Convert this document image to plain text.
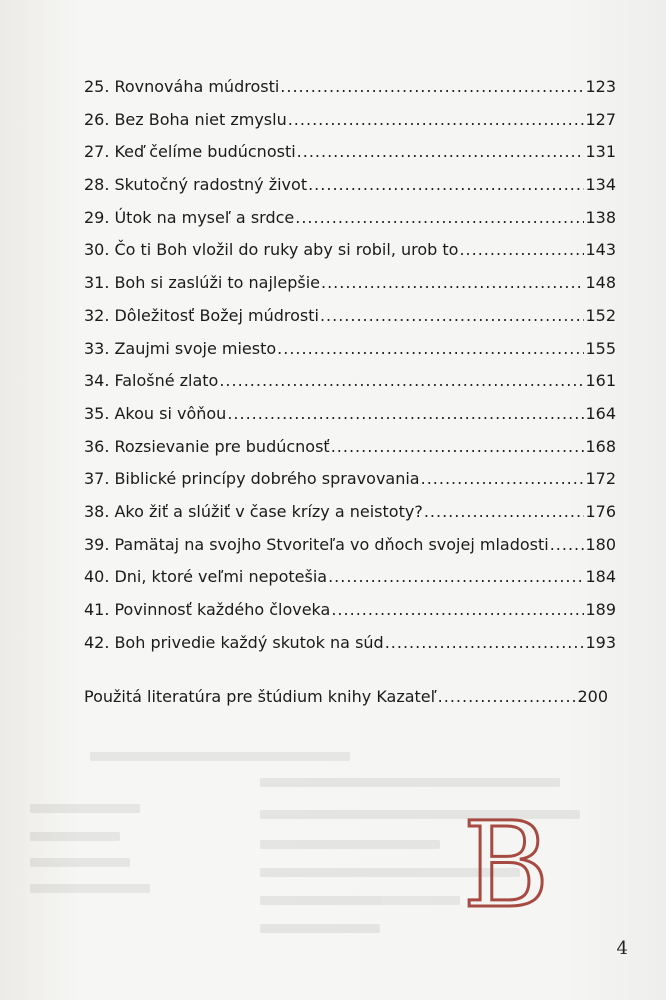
25. Rovnováha múdrosti .....	123
26. Bez Boha niet zmyslu .....	127
27. Keď čelíme budúcnosti .....	131
28. Skutočný radostný život .....	134
29. Útok na myseľ a srdce .....	138
30. Čo ti Boh vložil do ruky aby si robil, urob to .....	143
31. Boh si zaslúži to najlepšie .....	148
32. Dôležitosť Božej múdrosti .....	152
33. Zaujmi svoje miesto .....	155
34. Falošné zlato .....	161
35. Akou si vôňou .....	164
36. Rozsievanie pre budúcnosť .....	168
37. Biblické princípy dobrého spravovania .....	172
38. Ako žiť a slúžiť v čase krízy a neistoty? .....	176
39. Pamätaj na svojho Stvoriteľa vo dňoch svojej mladosti ..... 180
40. Dni, ktoré veľmi nepotešia .....	184
41. Povinnosť každého človeka .....	189
42. Boh privedie každý skutok na súd .....	193
Použitá literatúra pre štúdium knihy Kazateľ .....	200
4
B
